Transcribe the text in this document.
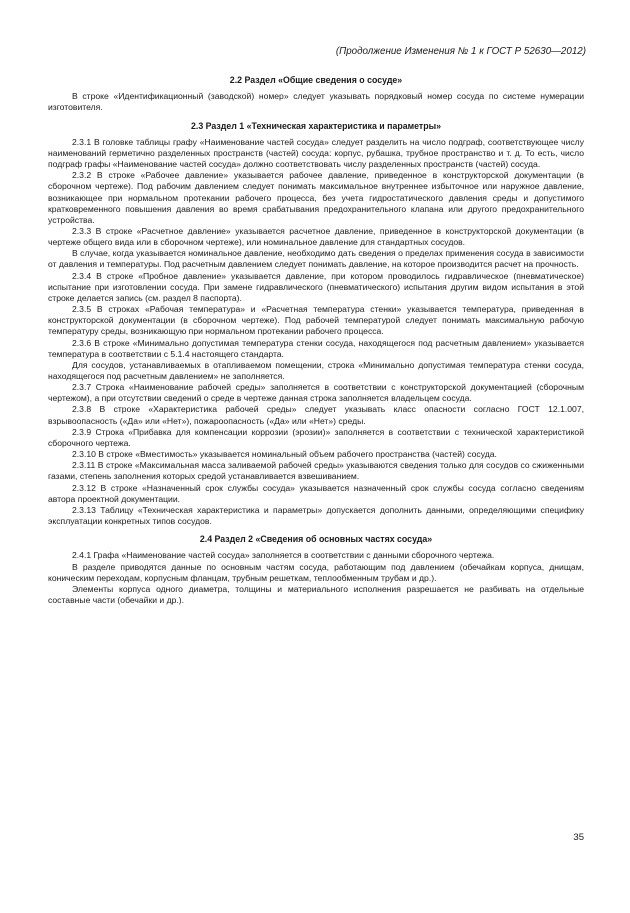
(Продолжение Изменения № 1 к ГОСТ Р 52630—2012)
2.2 Раздел «Общие сведения о сосуде»

В строке «Идентификационный (заводской) номер» следует указывать порядковый номер сосуда по системе нумерации изготовителя.

2.3 Раздел 1 «Техническая характеристика и параметры»

2.3.1 В головке таблицы графу «Наименование частей сосуда» следует разделить на число подграф, соответствующее числу наименований герметично разделенных пространств (частей) сосуда: корпус, рубашка, трубное пространство и т. д. То есть, число подграф графы «Наименование частей сосуда» должно соответствовать числу разделенных пространств (частей) сосуда.

2.3.2 В строке «Рабочее давление» указывается рабочее давление, приведенное в конструкторской документации (в сборочном чертеже). Под рабочим давлением следует понимать максимальное внутреннее избыточное или наружное давление, возникающее при нормальном протекании рабочего процесса, без учета гидростатического давления среды и допустимого кратковременного повышения давления во время срабатывания предохранительного клапана или другого предохранительного устройства.

2.3.3 В строке «Расчетное давление» указывается расчетное давление, приведенное в конструкторской документации (в чертеже общего вида или в сборочном чертеже), или номинальное давление для стандартных сосудов.

В случае, когда указывается номинальное давление, необходимо дать сведения о пределах применения сосуда в зависимости от давления и температуры. Под расчетным давлением следует понимать давление, на которое производится расчет на прочность.

2.3.4 В строке «Пробное давление» указывается давление, при котором проводилось гидравлическое (пневматическое) испытание при изготовлении сосуда. При замене гидравлического (пневматического) испытания другим видом испытания в этой строке делается запись (см. раздел 8 паспорта).

2.3.5 В строках «Рабочая температура» и «Расчетная температура стенки» указывается температура, приведенная в конструкторской документации (в сборочном чертеже). Под рабочей температурой следует понимать максимальную рабочую температуру среды, возникающую при нормальном протекании рабочего процесса.

2.3.6 В строке «Минимально допустимая температура стенки сосуда, находящегося под расчетным давлением» указывается температура в соответствии с 5.1.4 настоящего стандарта.

Для сосудов, устанавливаемых в отапливаемом помещении, строка «Минимально допустимая температура стенки сосуда, находящегося под расчетным давлением» не заполняется.

2.3.7 Строка «Наименование рабочей среды» заполняется в соответствии с конструкторской документацией (сборочным чертежом), а при отсутствии сведений о среде в чертеже данная строка заполняется владельцем сосуда.

2.3.8 В строке «Характеристика рабочей среды» следует указывать класс опасности согласно ГОСТ 12.1.007, взрывоопасность («Да» или «Нет»), пожароопасность («Да» или «Нет») среды.

2.3.9 Строка «Прибавка для компенсации коррозии (эрозии)» заполняется в соответствии с технической характеристикой сборочного чертежа.

2.3.10 В строке «Вместимость» указывается номинальный объем рабочего пространства (частей) сосуда.

2.3.11 В строке «Максимальная масса заливаемой рабочей среды» указываются сведения только для сосудов со сжиженными газами, степень заполнения которых средой устанавливается взвешиванием.

2.3.12 В строке «Назначенный срок службы сосуда» указывается назначенный срок службы сосуда согласно сведениям автора проектной документации.

2.3.13 Таблицу «Техническая характеристика и параметры» допускается дополнить данными, определяющими специфику эксплуатации конкретных типов сосудов.

2.4 Раздел 2 «Сведения об основных частях сосуда»

2.4.1 Графа «Наименование частей сосуда» заполняется в соответствии с данными сборочного чертежа.

В разделе приводятся данные по основным частям сосуда, работающим под давлением (обечайкам корпуса, днищам, коническим переходам, корпусным фланцам, трубным решеткам, теплообменным трубам и др.).

Элементы корпуса одного диаметра, толщины и материального исполнения разрешается не разбивать на отдельные составные части (обечайки и др.).

35
